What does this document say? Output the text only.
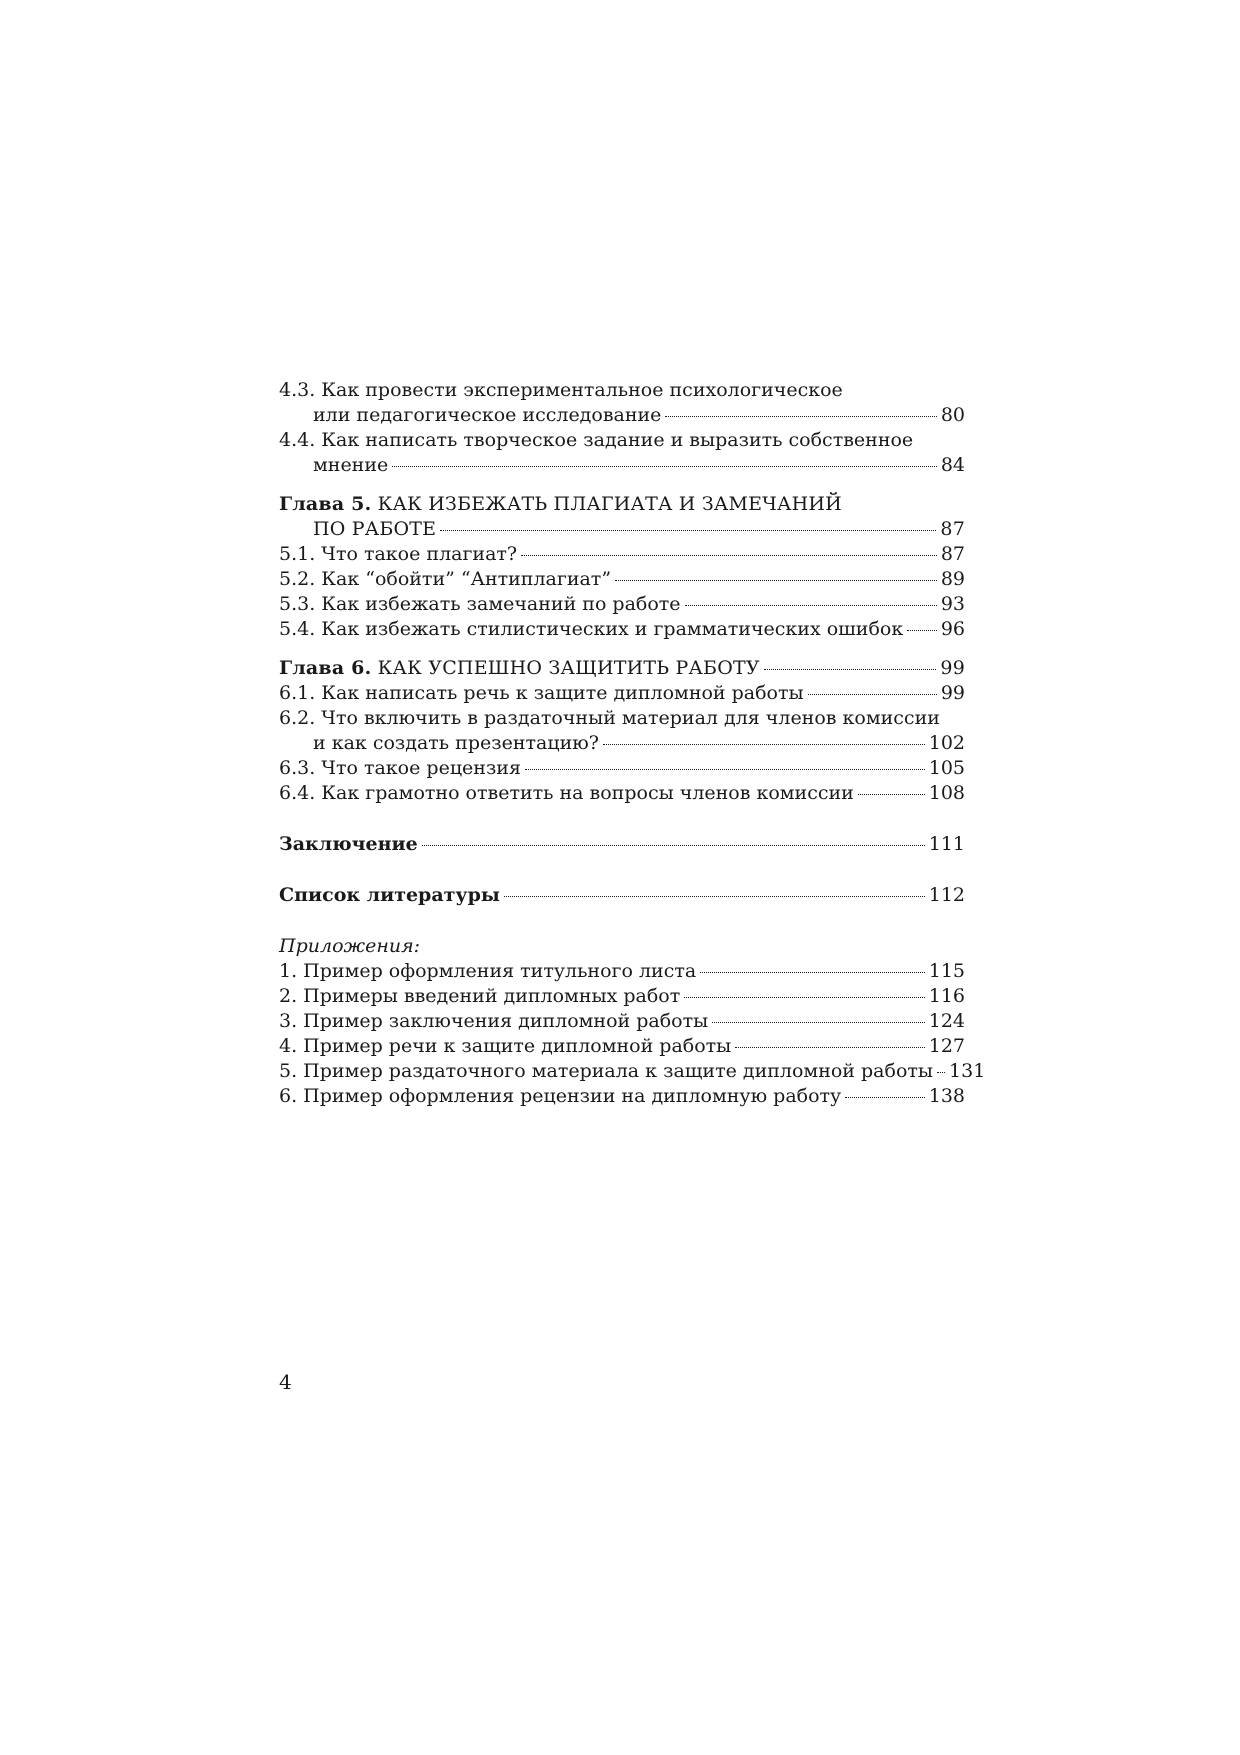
4.3. Как провести экспериментальное психологическое
или педагогическое исследование	80
4.4. Как написать творческое задание и выразить собственное
мнение	84
Глава 5. КАК ИЗБЕЖАТЬ ПЛАГИАТА И ЗАМЕЧАНИЙ
ПО РАБОТЕ	87
5.1. Что такое плагиат?	87
5.2. Как “обойти” “Антиплагиат”	89
5.3. Как избежать замечаний по работе	93
5.4. Как избежать стилистических и грамматических ошибок 96
Глава 6. КАК УСПЕШНО ЗАЩИТИТЬ РАБОТУ	99
6.1. Как написать речь к защите дипломной работы	99
6.2. Что включить в раздаточный материал для членов комиссии
и как создать презентацию?	102
6.3. Что такое рецензия	105
6.4. Как грамотно ответить на вопросы членов комиссии	108
Заключение	111
Список литературы	112
Приложения:
1. Пример оформления титульного листа	115
2. Примеры введений дипломных работ	116
3. Пример заключения дипломной работы	124
4. Пример речи к защите дипломной работы	127
5. Пример раздаточного материала к защите дипломной работы 131
6. Пример оформления рецензии на дипломную работу	138
4
